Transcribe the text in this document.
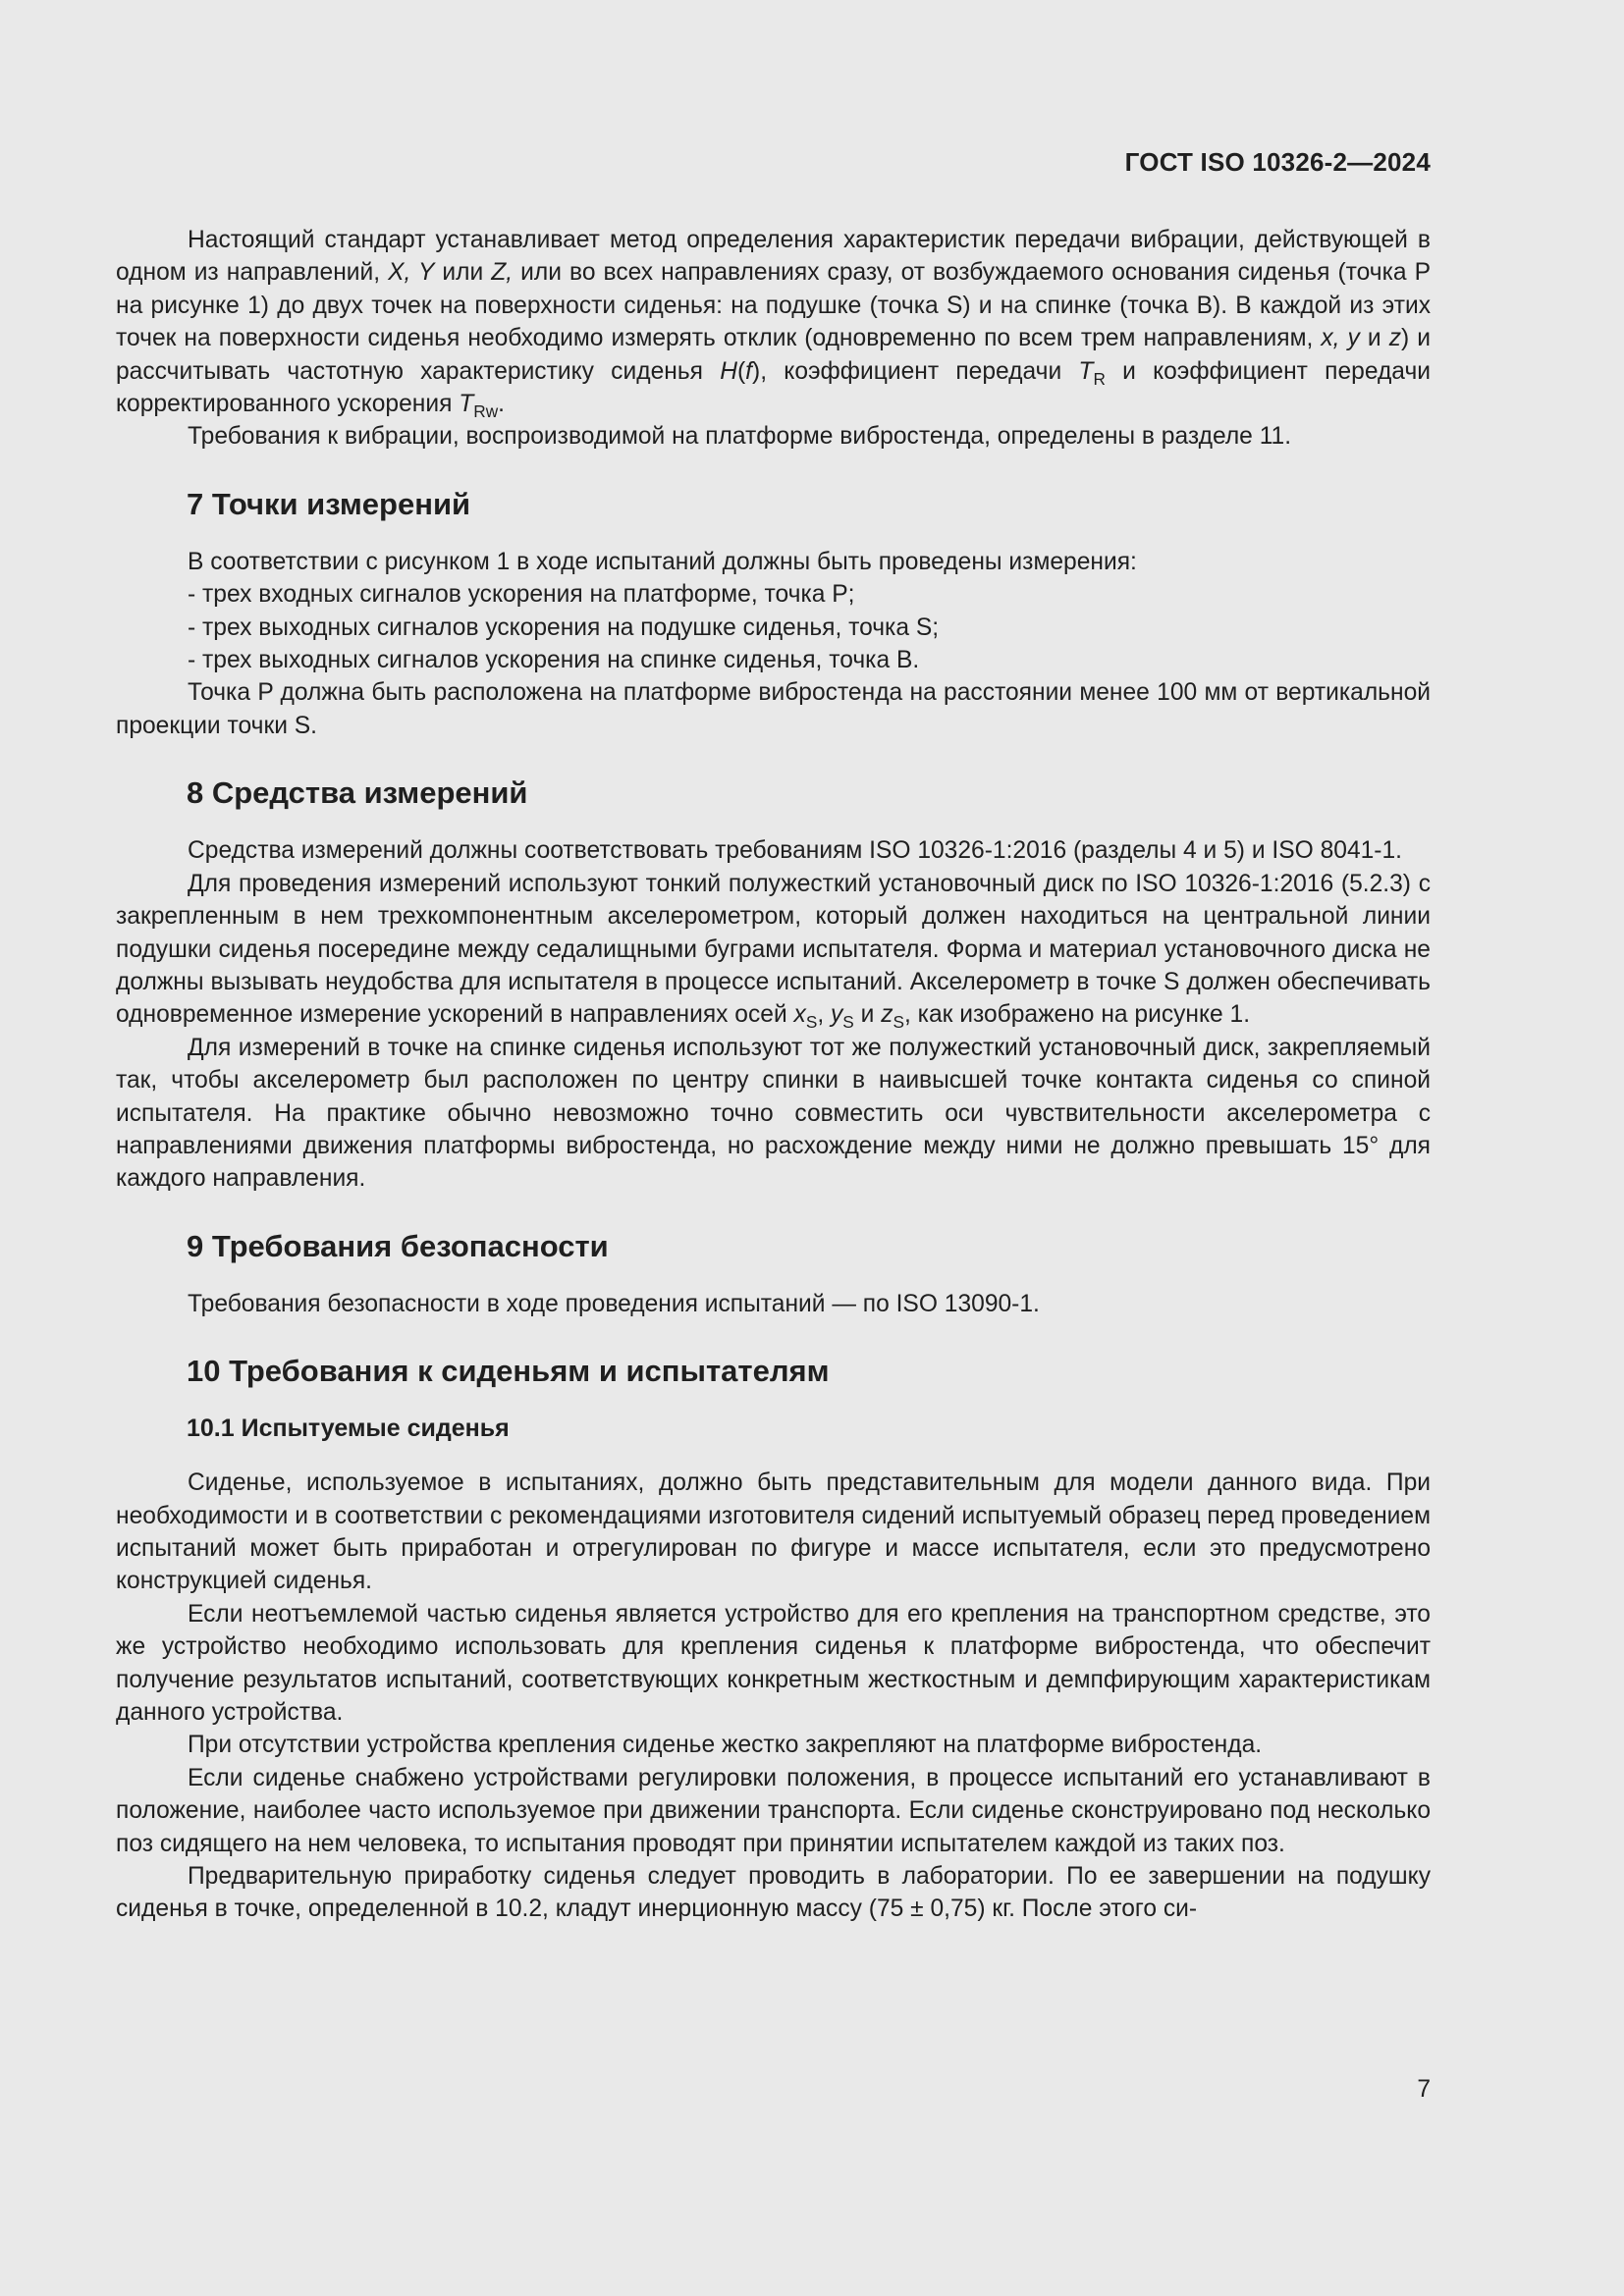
ГОСТ ISO 10326-2—2024

Настоящий стандарт устанавливает метод определения характеристик передачи вибрации, действующей в одном из направлений, X, Y или Z, или во всех направлениях сразу, от возбуждаемого основания сиденья (точка P на рисунке 1) до двух точек на поверхности сиденья: на подушке (точка S) и на спинке (точка B). В каждой из этих точек на поверхности сиденья необходимо измерять отклик (одновременно по всем трем направлениям, x, y и z) и рассчитывать частотную характеристику сиденья H(f), коэффициент передачи $T_R$ и коэффициент передачи корректированного ускорения $T_{Rw}$.

Требования к вибрации, воспроизводимой на платформе вибростенда, определены в разделе 11.

7 Точки измерений

В соответствии с рисунком 1 в ходе испытаний должны быть проведены измерения:

- трех входных сигналов ускорения на платформе, точка P;
- трех выходных сигналов ускорения на подушке сиденья, точка S;
- трех выходных сигналов ускорения на спинке сиденья, точка B.

Точка P должна быть расположена на платформе вибростенда на расстоянии менее 100 мм от вертикальной проекции точки S.

8 Средства измерений

Средства измерений должны соответствовать требованиям ISO 10326-1:2016 (разделы 4 и 5) и ISO 8041-1.

Для проведения измерений используют тонкий полужесткий установочный диск по ISO 10326-1:2016 (5.2.3) с закрепленным в нем трехкомпонентным акселерометром, который должен находиться на центральной линии подушки сиденья посередине между седалищными буграми испытателя. Форма и материал установочного диска не должны вызывать неудобства для испытателя в процессе испытаний. Акселерометр в точке S должен обеспечивать одновременное измерение ускорений в направлениях осей $x_S$, $y_S$ и $z_S$, как изображено на рисунке 1.

Для измерений в точке на спинке сиденья используют тот же полужесткий установочный диск, закрепляемый так, чтобы акселерометр был расположен по центру спинки в наивысшей точке контакта сиденья со спиной испытателя. На практике обычно невозможно точно совместить оси чувствительности акселерометра с направлениями движения платформы вибростенда, но расхождение между ними не должно превышать 15° для каждого направления.

9 Требования безопасности

Требования безопасности в ходе проведения испытаний — по ISO 13090-1.

10 Требования к сиденьям и испытателям
10.1 Испытуемые сиденья

Сиденье, используемое в испытаниях, должно быть представительным для модели данного вида. При необходимости и в соответствии с рекомендациями изготовителя сидений испытуемый образец перед проведением испытаний может быть приработан и отрегулирован по фигуре и массе испытателя, если это предусмотрено конструкцией сиденья.

Если неотъемлемой частью сиденья является устройство для его крепления на транспортном средстве, это же устройство необходимо использовать для крепления сиденья к платформе вибростенда, что обеспечит получение результатов испытаний, соответствующих конкретным жесткостным и демпфирующим характеристикам данного устройства.

При отсутствии устройства крепления сиденье жестко закрепляют на платформе вибростенда.

Если сиденье снабжено устройствами регулировки положения, в процессе испытаний его устанавливают в положение, наиболее часто используемое при движении транспорта. Если сиденье сконструировано под несколько поз сидящего на нем человека, то испытания проводят при принятии испытателем каждой из таких поз.

Предварительную приработку сиденья следует проводить в лаборатории. По ее завершении на подушку сиденья в точке, определенной в 10.2, кладут инерционную массу (75 ± 0,75) кг. После этого си-

7
